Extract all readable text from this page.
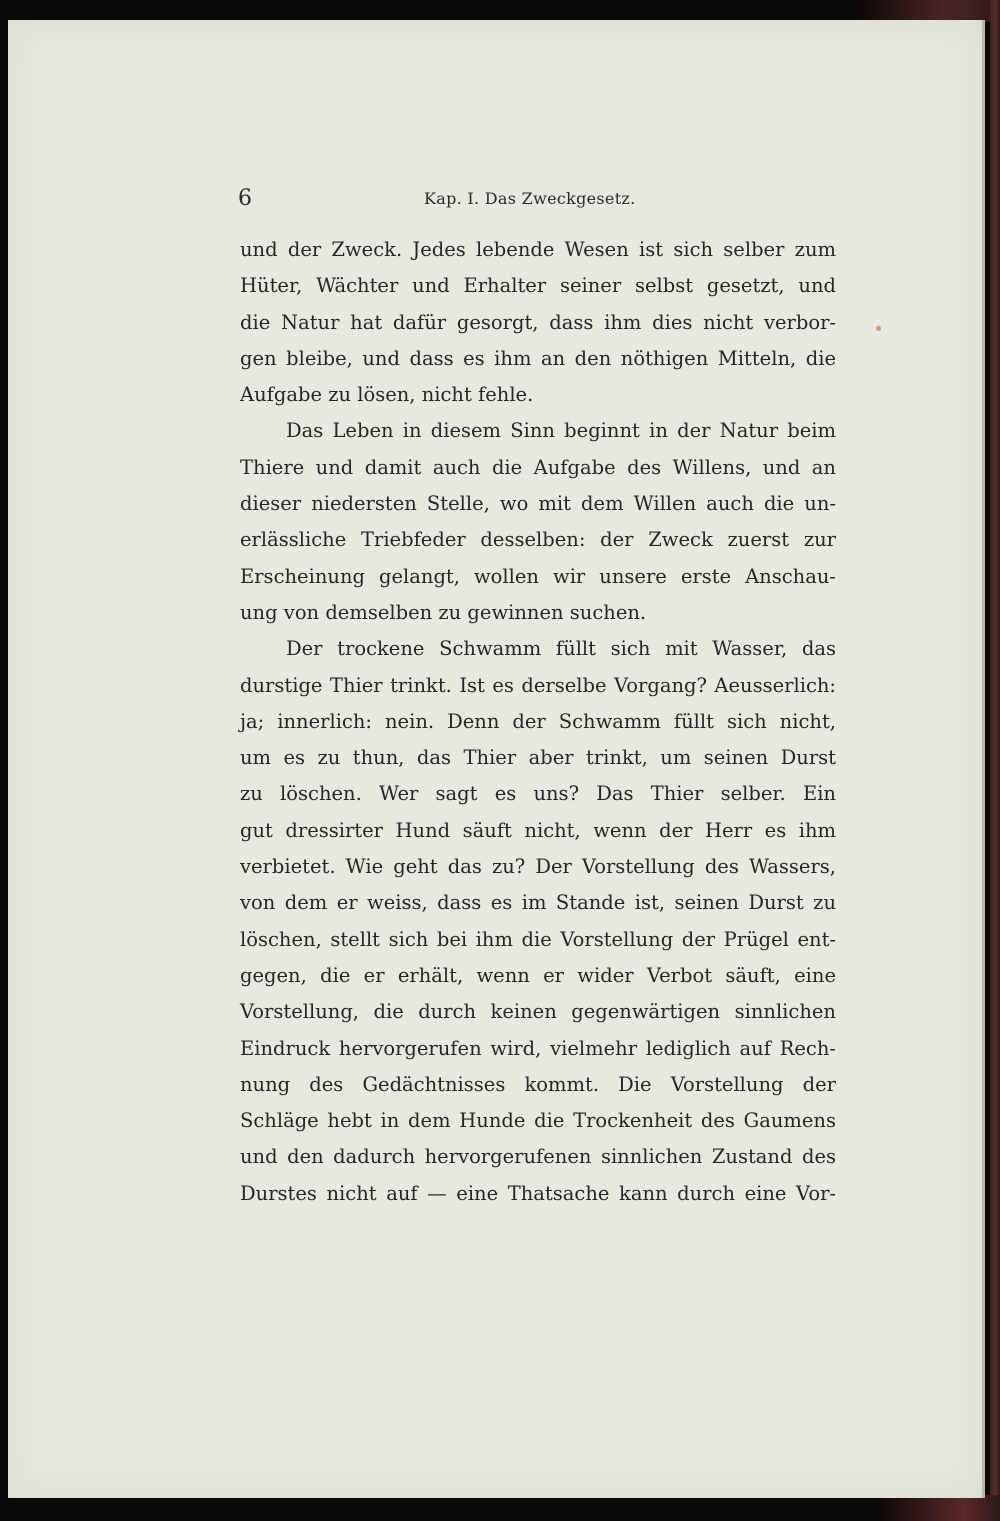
6	Kap. I. Das Zweckgesetz.
und der Zweck. Jedes lebende Wesen ist sich selber zum
Hüter, Wächter und Erhalter seiner selbst gesetzt, und
die Natur hat dafür gesorgt, dass ihm dies nicht verbor-
gen bleibe, und dass es ihm an den nöthigen Mitteln, die
Aufgabe zu lösen, nicht fehle.
Das Leben in diesem Sinn beginnt in der Natur beim
Thiere und damit auch die Aufgabe des Willens, und an
dieser niedersten Stelle, wo mit dem Willen auch die un-
erlässliche Triebfeder desselben: der Zweck zuerst zur
Erscheinung gelangt, wollen wir unsere erste Anschau-
ung von demselben zu gewinnen suchen.
Der trockene Schwamm füllt sich mit Wasser, das
durstige Thier trinkt. Ist es derselbe Vorgang? Aeusserlich:
ja; innerlich: nein. Denn der Schwamm füllt sich nicht,
um es zu thun, das Thier aber trinkt, um seinen Durst
zu löschen. Wer sagt es uns? Das Thier selber. Ein
gut dressirter Hund säuft nicht, wenn der Herr es ihm
verbietet. Wie geht das zu? Der Vorstellung des Wassers,
von dem er weiss, dass es im Stande ist, seinen Durst zu
löschen, stellt sich bei ihm die Vorstellung der Prügel ent-
gegen, die er erhält, wenn er wider Verbot säuft, eine
Vorstellung, die durch keinen gegenwärtigen sinnlichen
Eindruck hervorgerufen wird, vielmehr lediglich auf Rech-
nung des Gedächtnisses kommt. Die Vorstellung der
Schläge hebt in dem Hunde die Trockenheit des Gaumens
und den dadurch hervorgerufenen sinnlichen Zustand des
Durstes nicht auf — eine Thatsache kann durch eine Vor-
